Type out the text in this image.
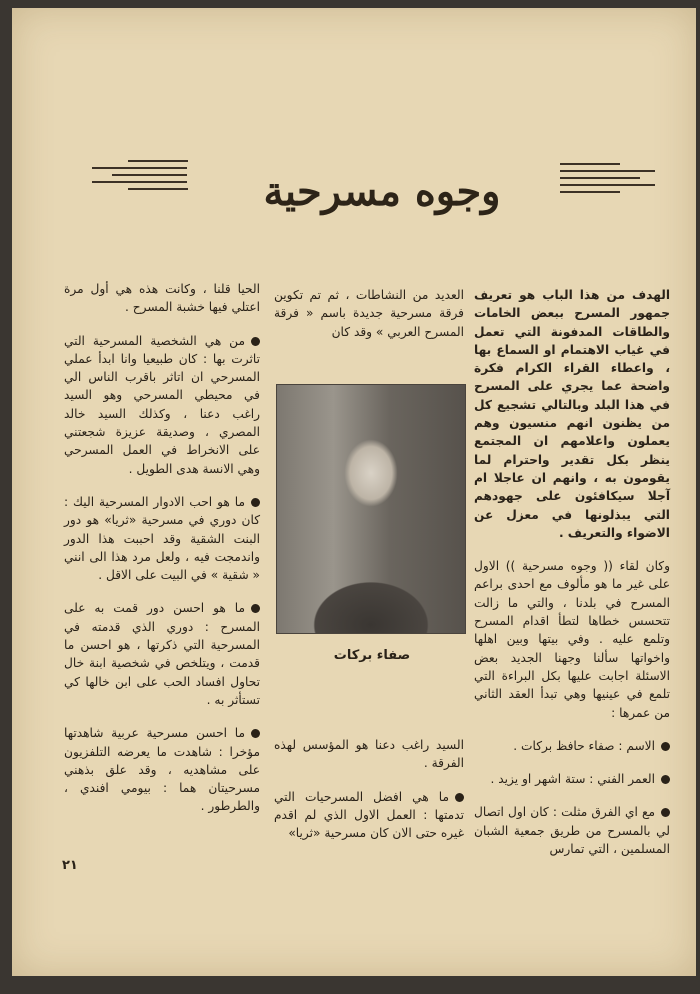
وجوه مسرحية

الهدف من هذا الباب هو تعريف جمهور المسرح ببعض الخامات والطاقات المدفونة التي تعمل في غياب الاهتمام او السماع بها ، واعطاء القراء الكرام فكرة واضحة عما يجري على المسرح في هذا البلد وبالتالي تشجيع كل من يظنون انهم منسيون وهم يعملون واعلامهم ان المجتمع ينظر بكل تقدير واحترام لما يقومون به ، وانهم ان عاجلا ام آجلا سيكافئون على جهودهم التي يبذلونها في معزل عن الاضواء والتعريف .

وكان لقاء (( وجوه مسرحية )) الاول على غير ما هو مألوف مع احدى براعم المسرح في بلدنا ، والتي ما زالت تتحسس خطاها لتطأ اقدام المسرح وتلمع عليه . وفي بيتها وبين اهلها واخواتها سألنا وجهنا الجديد بعض الاسئلة اجابت عليها بكل البراءة التي تلمع في عينيها وهي تبدأ العقد الثاني من عمرها :

الاسم : صفاء حافظ بركات .

العمر الفني : ستة اشهر او يزيد .

مع اي الفرق مثلت : كان اول اتصال لي بالمسرح من طريق جمعية الشبان المسلمين ، التي تمارس

العديد من النشاطات ، ثم تم تكوين فرقة مسرحية جديدة باسم « فرقة المسرح العربي » وقد كان

صفاء بركات

السيد راغب دعنا هو المؤسس لهذه الفرقة .

ما هي افضل المسرحيات التي تدمتها : العمل الاول الذي لم اقدم غيره حتى الان كان مسرحية «ثريا»

الحيا قلنا ، وكانت هذه هي أول مرة اعتلي فيها خشبة المسرح .

من هي الشخصية المسرحية التي تاثرت بها : كان طبيعيا وانا ابدأ عملي المسرحي ان اتاثر باقرب الناس الي في محيطي المسرحي وهو السيد راغب دعنا ، وكذلك السيد خالد المصري ، وصديقة عزيزة شجعتني على الانخراط في العمل المسرحي وهي الانسة هدى الطويل .

ما هو احب الادوار المسرحية اليك : كان دوري في مسرحية «ثريا» هو دور البنت الشقية وقد احببت هذا الدور واندمجت فيه ، ولعل مرد هذا الى انني « شقية » في البيت على الاقل .

ما هو احسن دور قمت به على المسرح : دوري الذي قدمته في المسرحية التي ذكرتها ، هو احسن ما قدمت ، ويتلخص في شخصية ابنة خال تحاول افساد الحب على ابن خالها كي تستأثر به .

ما احسن مسرحية عربية شاهدتها مؤخرا : شاهدت ما يعرضه التلفزيون على مشاهديه ، وقد علق بذهني مسرحيتان هما : بيومي افندي ، والطرطور .

٢١
